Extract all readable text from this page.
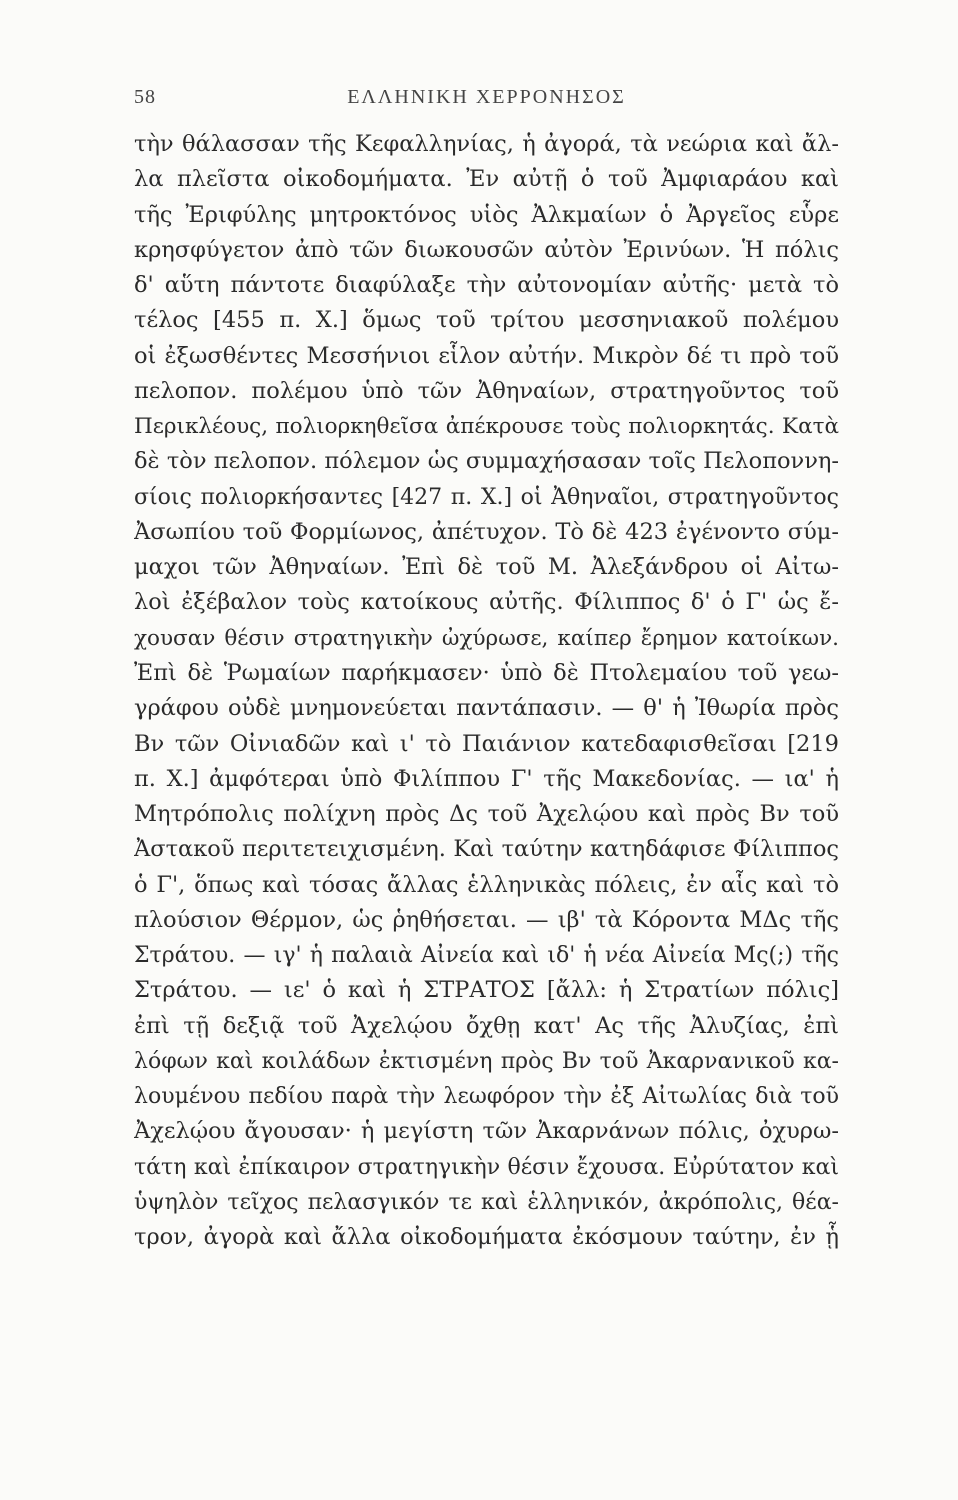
58	ΕΛΛΗΝΙΚΗ ΧΕΡΡΟΝΗΣΟΣ
τὴν θάλασσαν τῆς Κεφαλληνίας, ἡ ἀγορά, τὰ νεώρια καὶ ἄλ-
λα πλεῖστα οἰκοδομήματα. Ἐν αὐτῇ ὁ τοῦ Ἀμφιαράου καὶ
τῆς Ἐριφύλης μητροκτόνος υἱὸς Ἀλκμαίων ὁ Ἀργεῖος εὗρε
κρησφύγετον ἀπὸ τῶν διωκουσῶν αὐτὸν Ἐρινύων. Ἡ πόλις
δ' αὕτη πάντοτε διαφύλαξε τὴν αὐτονομίαν αὐτῆς· μετὰ τὸ
τέλος [455 π. Χ.] ὅμως τοῦ τρίτου μεσσηνιακοῦ πολέμου
οἱ ἐξωσθέντες Μεσσήνιοι εἷλον αὐτήν. Μικρὸν δέ τι πρὸ τοῦ
πελοπον. πολέμου ὑπὸ τῶν Ἀθηναίων, στρατηγοῦντος τοῦ
Περικλέους, πολιορκηθεῖσα ἀπέκρουσε τοὺς πολιορκητάς. Κατὰ
δὲ τὸν πελοπον. πόλεμον ὡς συμμαχήσασαν τοῖς Πελοποννη-
σίοις πολιορκήσαντες [427 π. Χ.] οἱ Ἀθηναῖοι, στρατηγοῦντος
Ἀσωπίου τοῦ Φορμίωνος, ἀπέτυχον. Τὸ δὲ 423 ἐγένοντο σύμ-
μαχοι τῶν Ἀθηναίων. Ἐπὶ δὲ τοῦ Μ. Ἀλεξάνδρου οἱ Αἰτω-
λοὶ ἐξέβαλον τοὺς κατοίκους αὐτῆς. Φίλιππος δ' ὁ Γ' ὡς ἔ-
χουσαν θέσιν στρατηγικὴν ὠχύρωσε, καίπερ ἔρημον κατοίκων.
Ἐπὶ δὲ Ῥωμαίων παρήκμασεν· ὑπὸ δὲ Πτολεμαίου τοῦ γεω-
γράφου οὐδὲ μνημονεύεται παντάπασιν. — θ' ἡ Ἰθωρία πρὸς
Βν τῶν Οἰνιαδῶν καὶ ι' τὸ Παιάνιον κατεδαφισθεῖσαι [219
π. Χ.] ἀμφότεραι ὑπὸ Φιλίππου Γ' τῆς Μακεδονίας. — ια' ἡ
Μητρόπολις πολίχνη πρὸς Δς τοῦ Ἀχελῴου καὶ πρὸς Βν τοῦ
Ἀστακοῦ περιτετειχισμένη. Καὶ ταύτην κατηδάφισε Φίλιππος
ὁ Γ', ὅπως καὶ τόσας ἄλλας ἑλληνικὰς πόλεις, ἐν αἷς καὶ τὸ
πλούσιον Θέρμον, ὡς ῥηθήσεται. — ιβ' τὰ Κόροντα ΜΔς τῆς
Στράτου. — ιγ' ἡ παλαιὰ Αἰνεία καὶ ιδ' ἡ νέα Αἰνεία Μς(;) τῆς
Στράτου. — ιε' ὁ καὶ ἡ ΣΤΡΑΤΟΣ [ἄλλ: ἡ Στρατίων πόλις]
ἐπὶ τῇ δεξιᾷ τοῦ Ἀχελῴου ὄχθῃ κατ' Ας τῆς Ἀλυζίας, ἐπὶ
λόφων καὶ κοιλάδων ἐκτισμένη πρὸς Βν τοῦ Ἀκαρνανικοῦ κα-
λουμένου πεδίου παρὰ τὴν λεωφόρον τὴν ἐξ Αἰτωλίας διὰ τοῦ
Ἀχελῴου ἄγουσαν· ἡ μεγίστη τῶν Ἀκαρνάνων πόλις, ὀχυρω-
τάτη καὶ ἐπίκαιρον στρατηγικὴν θέσιν ἔχουσα. Εὐρύτατον καὶ
ὑψηλὸν τεῖχος πελασγικόν τε καὶ ἑλληνικόν, ἀκρόπολις, θέα-
τρον, ἀγορὰ καὶ ἄλλα οἰκοδομήματα ἐκόσμουν ταύτην, ἐν ᾗ
